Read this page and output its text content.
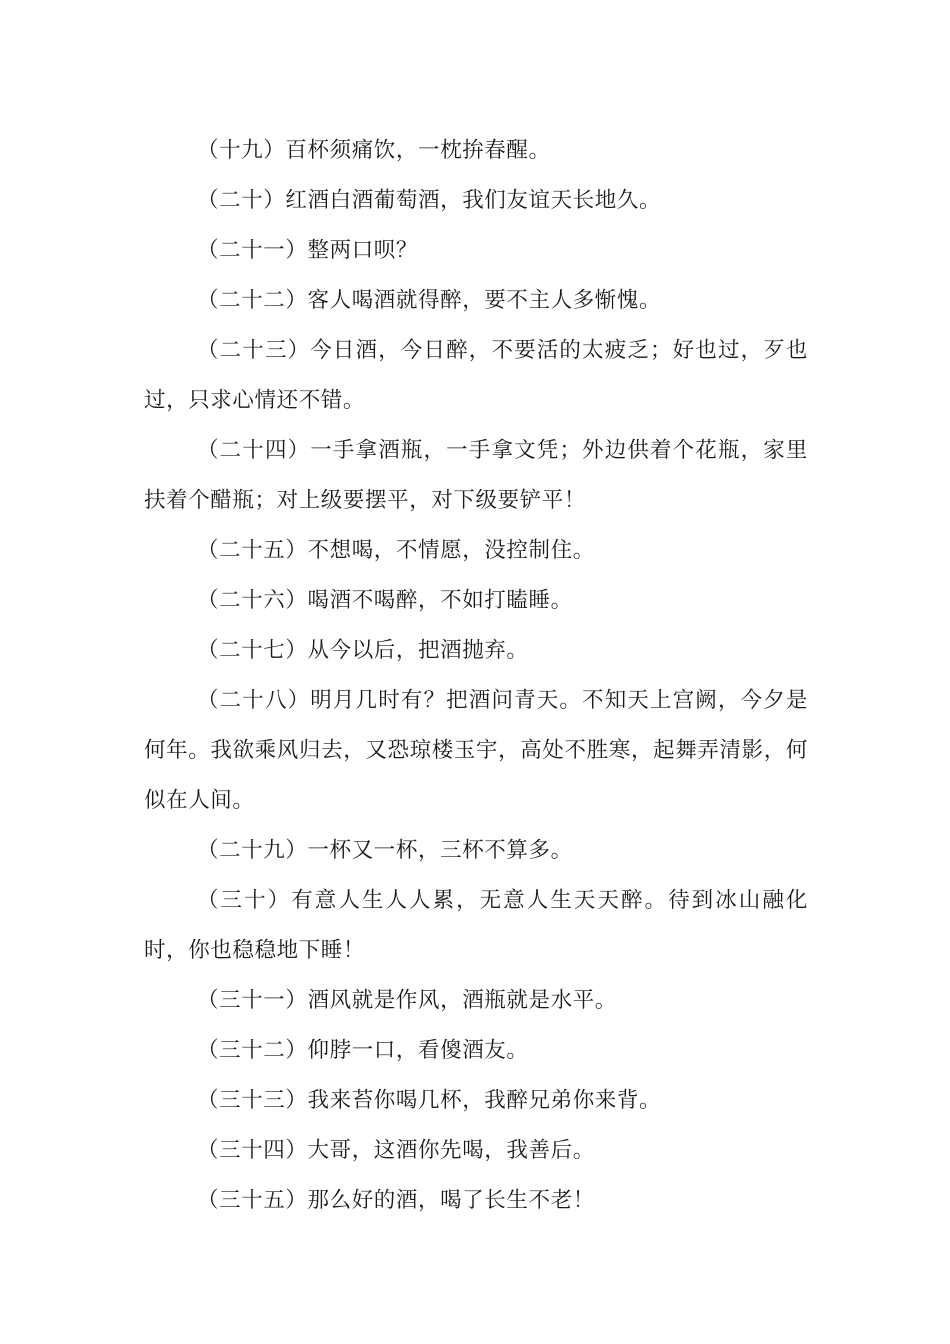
（十九）百杯须痛饮，一枕拚春醒。

（二十）红酒白酒葡萄酒，我们友谊天长地久。

（二十一）整两口呗？

（二十二）客人喝酒就得醉，要不主人多惭愧。

（二十三）今日酒，今日醉，不要活的太疲乏；好也过，歹也过，只求心情还不错。

（二十四）一手拿酒瓶，一手拿文凭；外边供着个花瓶，家里扶着个醋瓶；对上级要摆平，对下级要铲平！

（二十五）不想喝，不情愿，没控制住。

（二十六）喝酒不喝醉，不如打瞌睡。

（二十七）从今以后，把酒抛弃。

（二十八）明月几时有？把酒问青天。不知天上宫阙，今夕是何年。我欲乘风归去，又恐琼楼玉宇，高处不胜寒，起舞弄清影，何似在人间。

（二十九）一杯又一杯，三杯不算多。

（三十）有意人生人人累，无意人生天天醉。待到冰山融化时，你也稳稳地下睡！

（三十一）酒风就是作风，酒瓶就是水平。

（三十二）仰脖一口，看傻酒友。

（三十三）我来苔你喝几杯，我醉兄弟你来背。

（三十四）大哥，这酒你先喝，我善后。

（三十五）那么好的酒，喝了长生不老！
